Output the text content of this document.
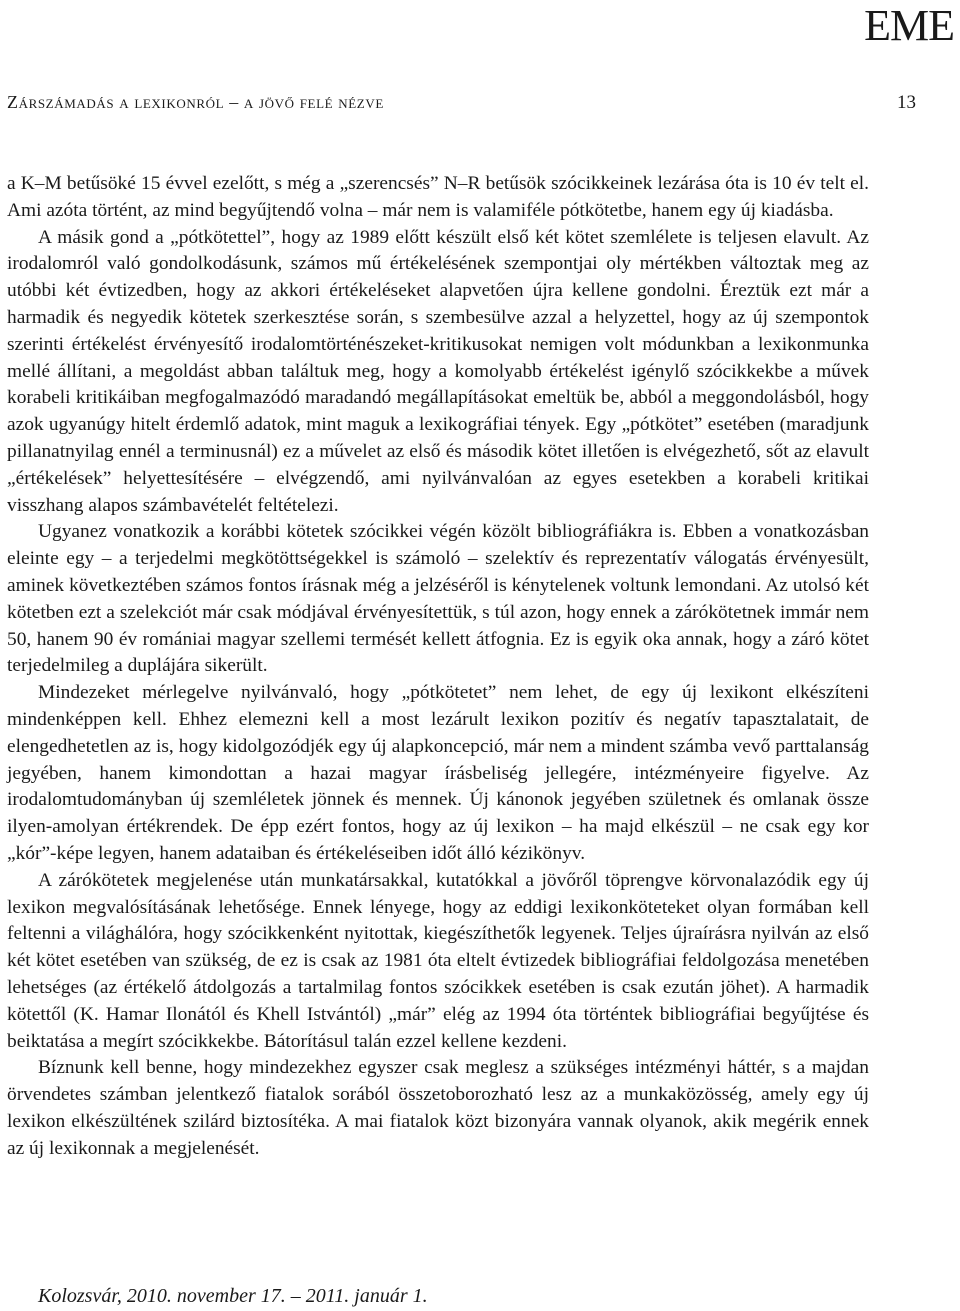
EME
Zárszámadás a lexikonról – a jövő felé nézve	13

a K–M betűsöké 15 évvel ezelőtt, s még a „szerencsés” N–R betűsök szócikkeinek lezárása óta is 10 év telt el. Ami azóta történt, az mind begyűjtendő volna – már nem is valamiféle pótkötetbe, hanem egy új kiadásba.

A másik gond a „pótkötettel”, hogy az 1989 előtt készült első két kötet szemlélete is teljesen elavult. Az irodalomról való gondolkodásunk, számos mű értékelésének szempontjai oly mértékben változtak meg az utóbbi két évtizedben, hogy az akkori értékeléseket alapvetően újra kellene gondolni. Éreztük ezt már a harmadik és negyedik kötetek szerkesztése során, s szembesülve azzal a helyzettel, hogy az új szempontok szerinti értékelést érvényesítő irodalomtörténészeket-kritikusokat nemigen volt módunkban a lexikonmunka mellé állítani, a megoldást abban találtuk meg, hogy a komolyabb értékelést igénylő szócikkekbe a művek korabeli kritikáiban megfogalmazódó maradandó megállapításokat emeltük be, abból a meggondolásból, hogy azok ugyanúgy hitelt érdemlő adatok, mint maguk a lexikográfiai tények. Egy „pótkötet” esetében (maradjunk pillanatnyilag ennél a terminusnál) ez a művelet az első és második kötet illetően is elvégezhető, sőt az elavult „értékelések” helyettesítésére – elvégzendő, ami nyilvánvalóan az egyes esetekben a korabeli kritikai visszhang alapos számbavételét feltételezi.

Ugyanez vonatkozik a korábbi kötetek szócikkei végén közölt bibliográfiákra is. Ebben a vonatkozásban eleinte egy – a terjedelmi megkötöttségekkel is számoló – szelektív és reprezentatív válogatás érvényesült, aminek következtében számos fontos írásnak még a jelzéséről is kénytelenek voltunk lemondani. Az utolsó két kötetben ezt a szelekciót már csak módjával érvényesítettük, s túl azon, hogy ennek a zárókötetnek immár nem 50, hanem 90 év romániai magyar szellemi termését kellett átfognia. Ez is egyik oka annak, hogy a záró kötet terjedelmileg a duplájára sikerült.

Mindezeket mérlegelve nyilvánvaló, hogy „pótkötetet” nem lehet, de egy új lexikont elkészíteni mindenképpen kell. Ehhez elemezni kell a most lezárult lexikon pozitív és negatív tapasztalatait, de elengedhetetlen az is, hogy kidolgozódjék egy új alapkoncepció, már nem a mindent számba vevő parttalanság jegyében, hanem kimondottan a hazai magyar írásbeliség jellegére, intézményeire figyelve. Az irodalomtudományban új szemléletek jönnek és mennek. Új kánonok jegyében születnek és omlanak össze ilyen-amolyan értékrendek. De épp ezért fontos, hogy az új lexikon – ha majd elkészül – ne csak egy kor „kór”-képe legyen, hanem adataiban és értékeléseiben időt álló kézikönyv.

A zárókötetek megjelenése után munkatársakkal, kutatókkal a jövőről töprengve körvonalazódik egy új lexikon megvalósításának lehetősége. Ennek lényege, hogy az eddigi lexikonköteteket olyan formában kell feltenni a világhálóra, hogy szócikkenként nyitottak, kiegészíthetők legyenek. Teljes újraírásra nyilván az első két kötet esetében van szükség, de ez is csak az 1981 óta eltelt évtizedek bibliográfiai feldolgozása menetében lehetséges (az értékelő átdolgozás a tartalmilag fontos szócikkek esetében is csak ezután jöhet). A harmadik kötettől (K. Hamar Ilonától és Khell Istvántól) „már” elég az 1994 óta történtek bibliográfiai begyűjtése és beiktatása a megírt szócikkekbe. Bátorításul talán ezzel kellene kezdeni.

Bíznunk kell benne, hogy mindezekhez egyszer csak meglesz a szükséges intézményi háttér, s a majdan örvendetes számban jelentkező fiatalok sorából összetoborozható lesz az a munkaközösség, amely egy új lexikon elkészültének szilárd biztosítéka. A mai fiatalok közt bizonyára vannak olyanok, akik megérik ennek az új lexikonnak a megjelenését.

Kolozsvár, 2010. november 17. – 2011. január 1.
